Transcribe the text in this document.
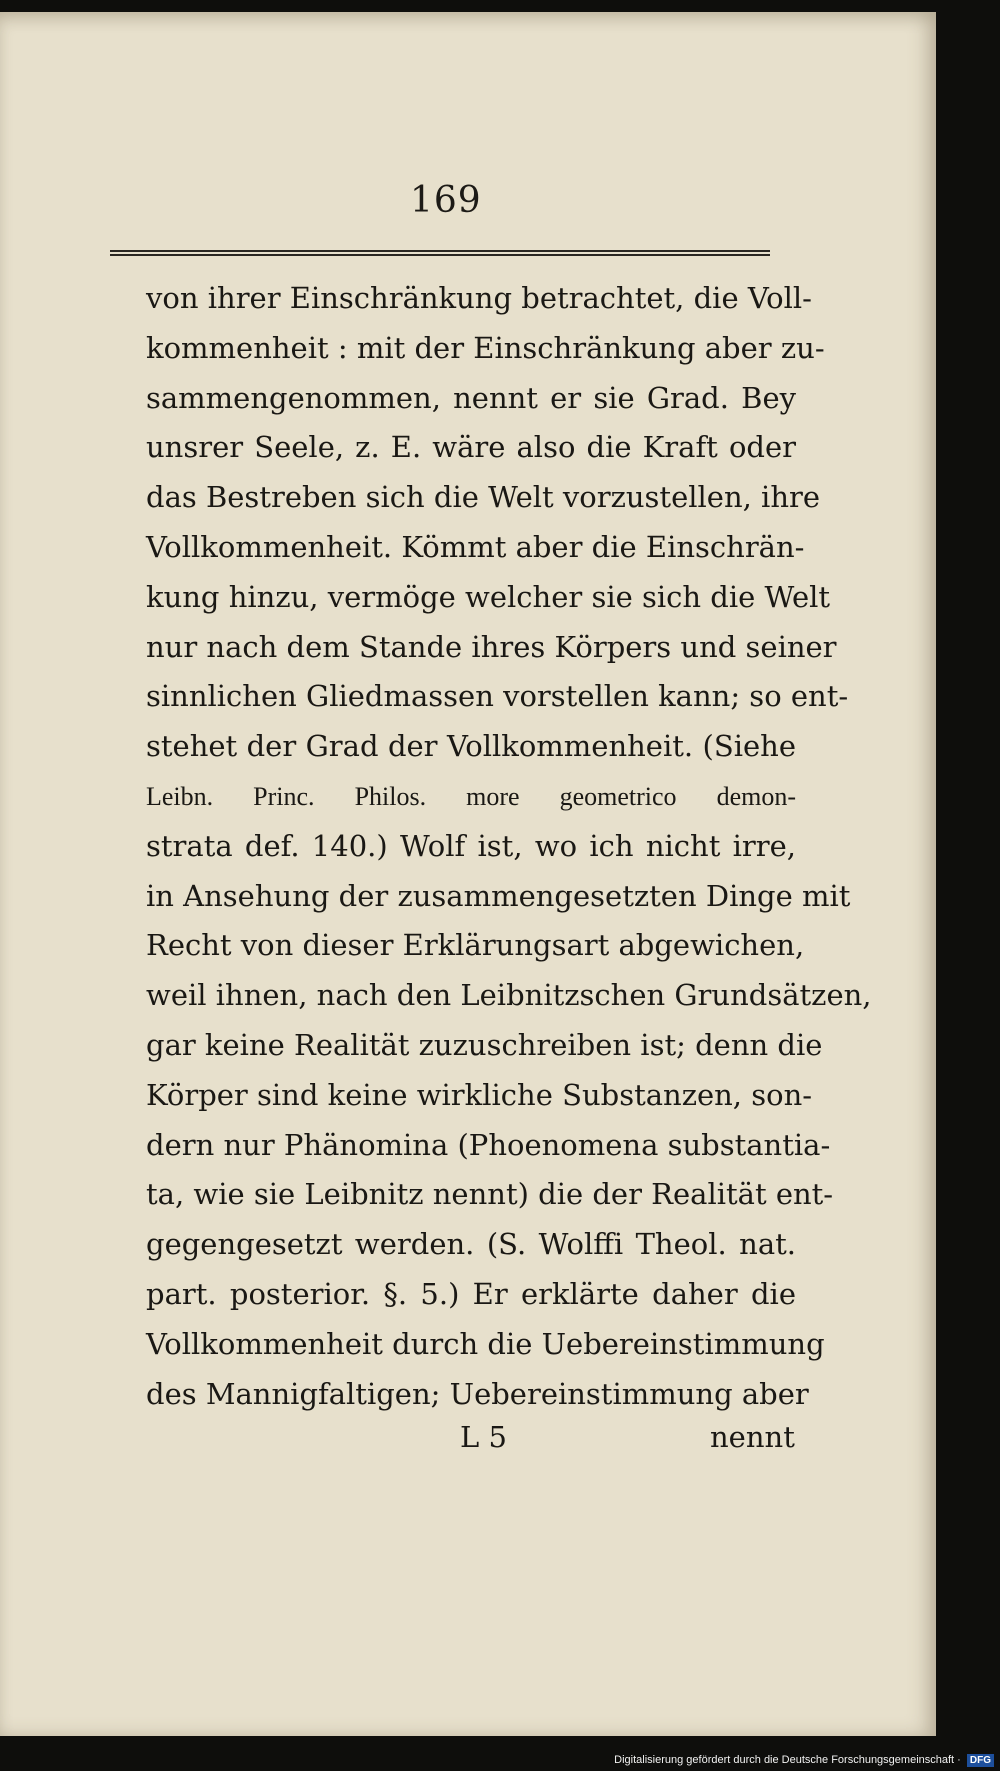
169
von ihrer Einschränkung betrachtet, die Voll-
kommenheit : mit der Einschränkung aber zu-
sammengenommen, nennt er sie Grad. Bey
unsrer Seele, z. E. wäre also die Kraft oder
das Bestreben sich die Welt vorzustellen, ihre
Vollkommenheit. Kömmt aber die Einschrän-
kung hinzu, vermöge welcher sie sich die Welt
nur nach dem Stande ihres Körpers und seiner
sinnlichen Gliedmassen vorstellen kann; so ent-
stehet der Grad der Vollkommenheit. (Siehe
Leibn. Princ. Philos. more geometrico demon-
strata def. 140.) Wolf ist, wo ich nicht irre,
in Ansehung der zusammengesetzten Dinge mit
Recht von dieser Erklärungsart abgewichen,
weil ihnen, nach den Leibnitzschen Grundsätzen,
gar keine Realität zuzuschreiben ist; denn die
Körper sind keine wirkliche Substanzen, son-
dern nur Phänomina (Phoenomena substantia-
ta, wie sie Leibnitz nennt) die der Realität ent-
gegengesetzt werden. (S. Wolffi Theol. nat.
part. posterior. §. 5.) Er erklärte daher die
Vollkommenheit durch die Uebereinstimmung
des Mannigfaltigen; Uebereinstimmung aber
L 5	nennt
Digitalisierung gefördert durch die Deutsche Forschungsgemeinschaft · DFG
